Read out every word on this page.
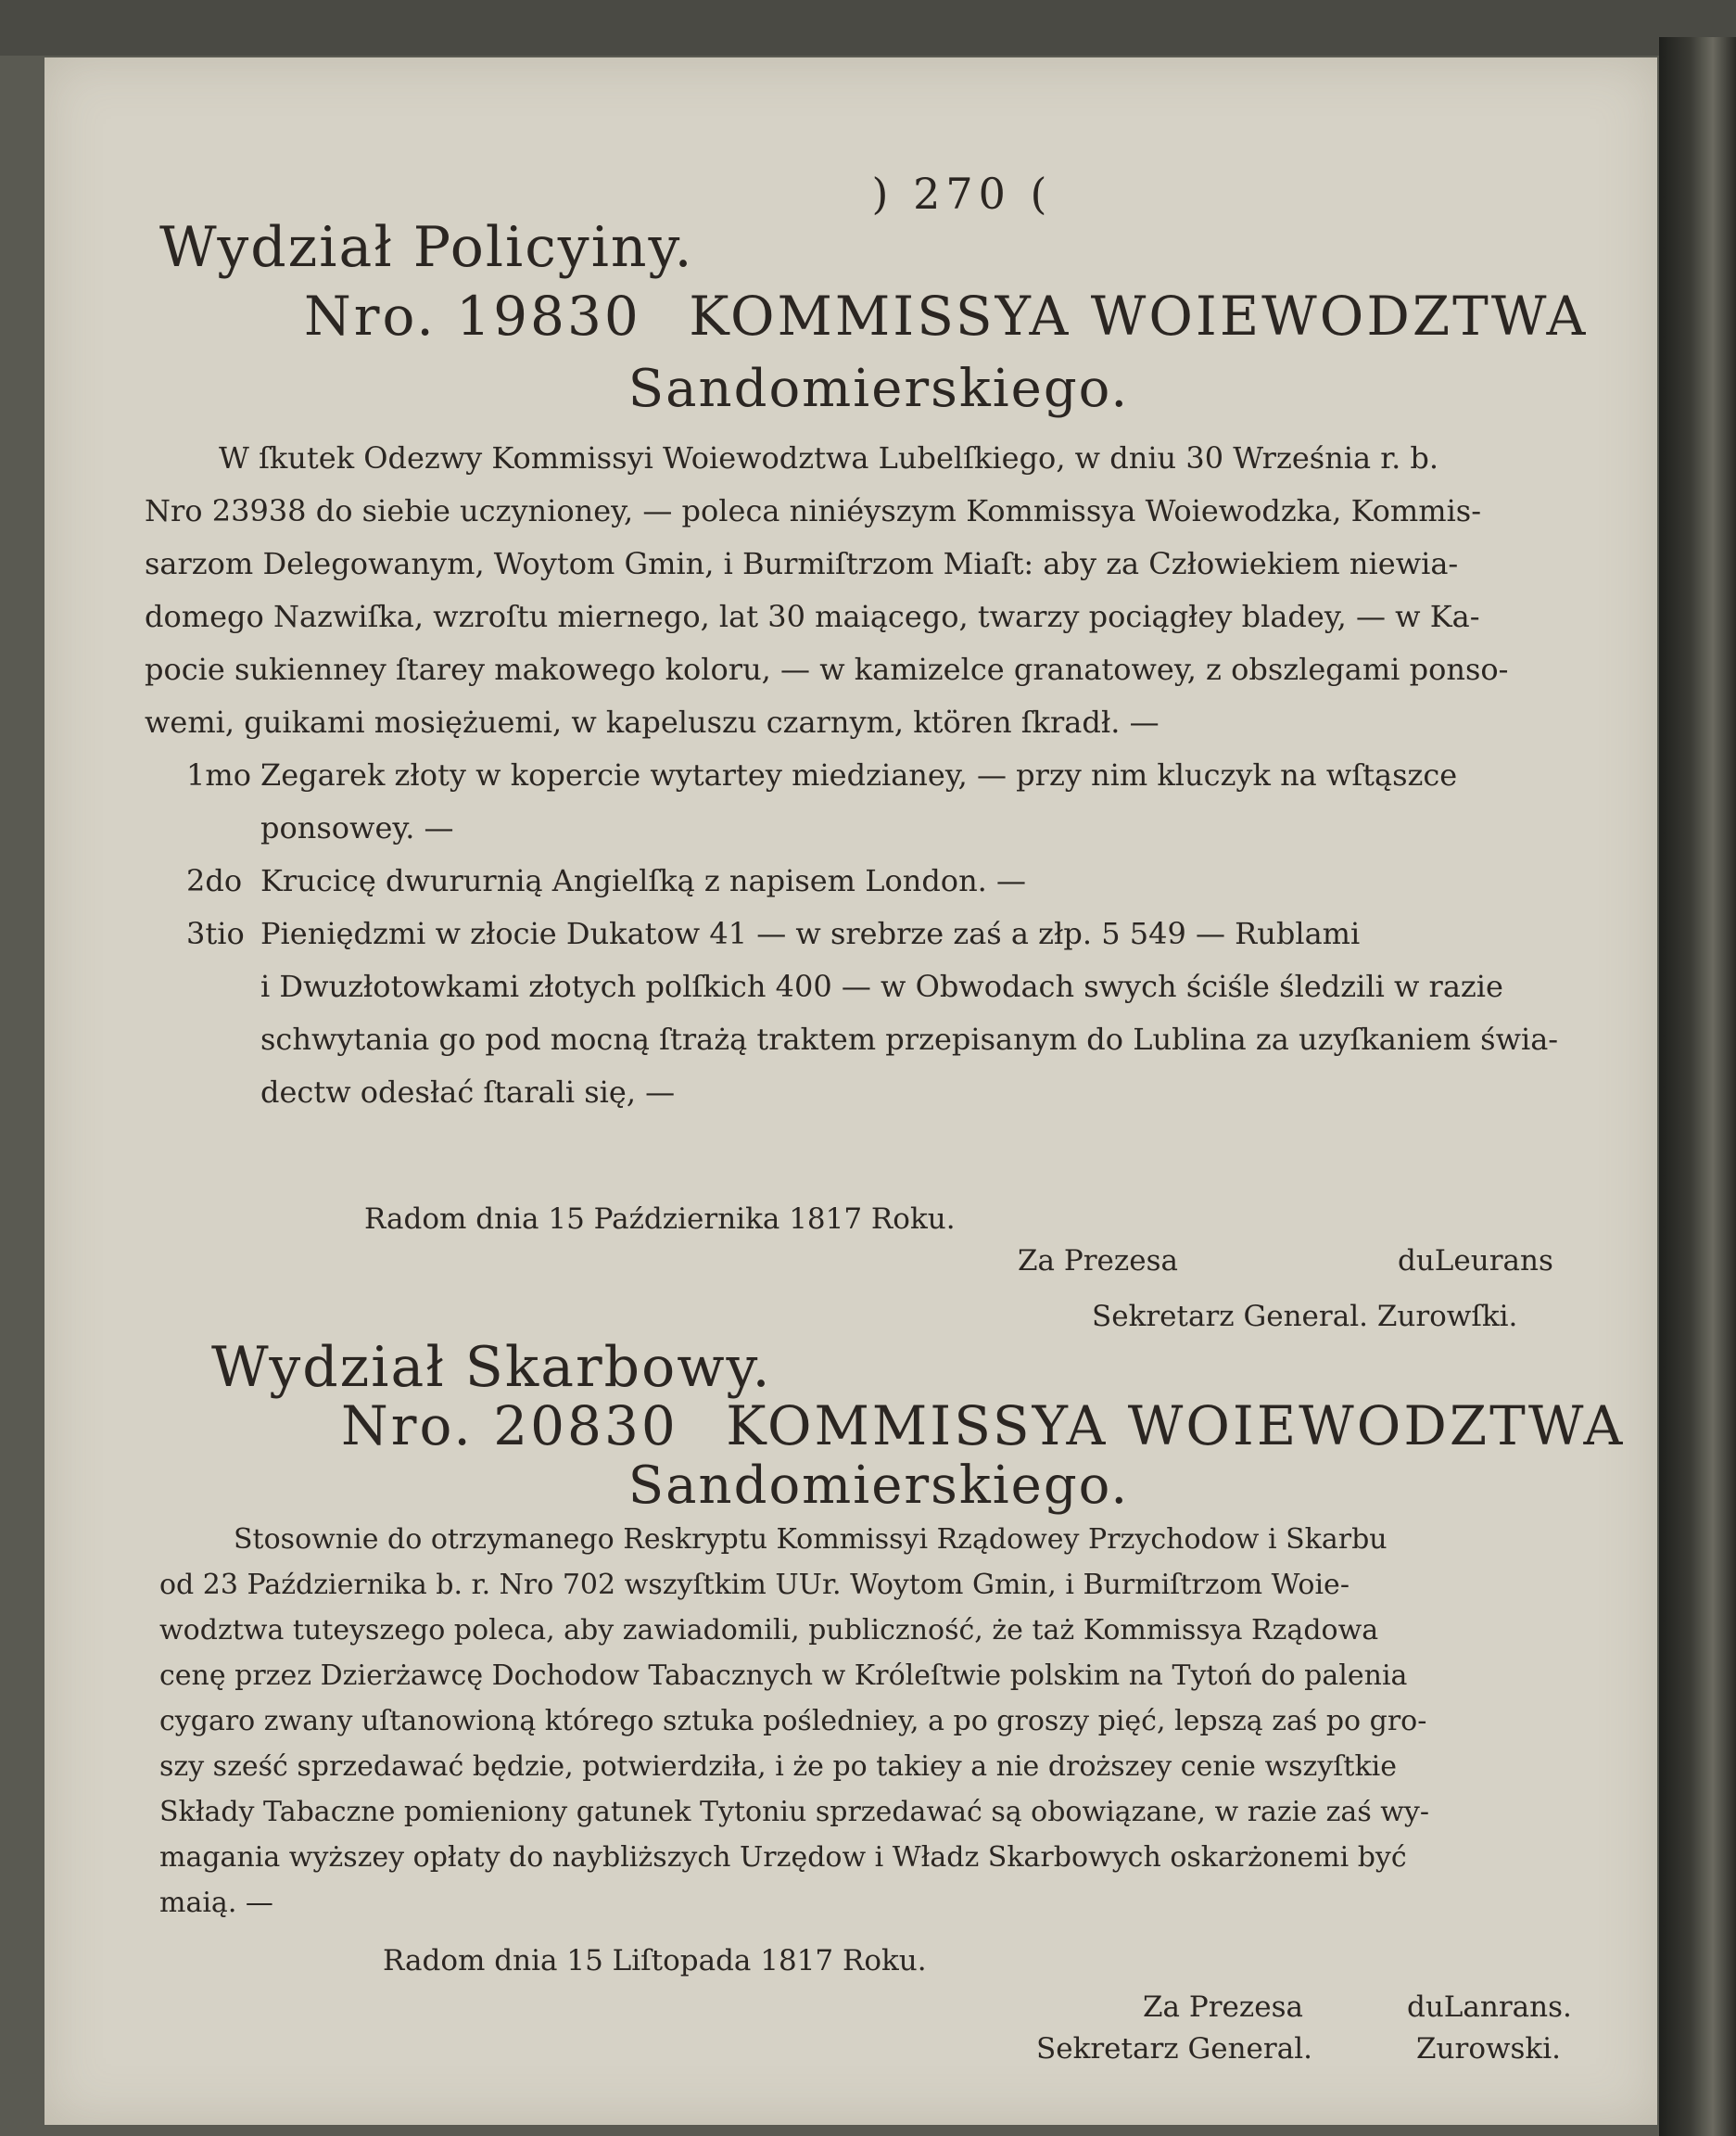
) 270 (
Wydział Policyiny.
Nro. 19830 KOMMISSYA WOIEWODZTWA
Sandomierskiego.

W ſkutek Odezwy Kommissyi Woiewodztwa Lubelſkiego, w dniu 30 Września r. b.

Nro 23938 do siebie uczynioney, — poleca niniéyszym Kommissya Woiewodzka, Kommis-

sarzom Delegowanym, Woytom Gmin, i Burmiſtrzom Miaſt: aby za Człowiekiem niewia-

domego Nazwiſka, wzroſtu miernego, lat 30 maiącego, twarzy pociągłey bladey, — w Ka-

pocie sukienney ſtarey makowego koloru, — w kamizelce granatowey, z obszlegami ponso-

wemi, guikami mosiężuemi, w kapeluszu czarnym, ktören ſkradł. —

1mo Zegarek złoty w kopercie wytartey miedzianey, — przy nim kluczyk na wſtąszce

ponsowey. —

2do Krucicę dwururnią Angielſką z napisem London. —

3tio Pieniędzmi w złocie Dukatow 41 — w srebrze zaś a złp. 5 549 — Rublami

i Dwuzłotowkami złotych polſkich 400 — w Obwodach swych ściśle śledzili w razie

schwytania go pod mocną ſtrażą traktem przepisanym do Lublina za uzyſkaniem świa-

dectw odesłać ſtarali się, —

Radom dnia 15 Października 1817 Roku.
Za Prezesa	duLeurans
Sekretarz General. Zurowſki.
Wydział Skarbowy.
Nro. 20830 KOMMISSYA WOIEWODZTWA
Sandomierskiego.

Stosownie do otrzymanego Reskryptu Kommissyi Rządowey Przychodow i Skarbu

od 23 Października b. r. Nro 702 wszyſtkim UUr. Woytom Gmin, i Burmiſtrzom Woie-

wodztwa tuteyszego poleca, aby zawiadomili, publiczność, że taż Kommissya Rządowa

cenę przez Dzierżawcę Dochodow Tabacznych w Króleſtwie polskim na Tytoń do palenia

cygaro zwany uſtanowioną którego sztuka pośledniey, a po groszy pięć, lepszą zaś po gro-

szy sześć sprzedawać będzie, potwierdziła, i że po takiey a nie droższey cenie wszyſtkie

Składy Tabaczne pomieniony gatunek Tytoniu sprzedawać są obowiązane, w razie zaś wy-

magania wyższey opłaty do naybliższych Urzędow i Władz Skarbowych oskarżonemi być

maią. —

Radom dnia 15 Liſtopada 1817 Roku.
Za Prezesa	duLanrans.
Sekretarz General.	Zurowski.
